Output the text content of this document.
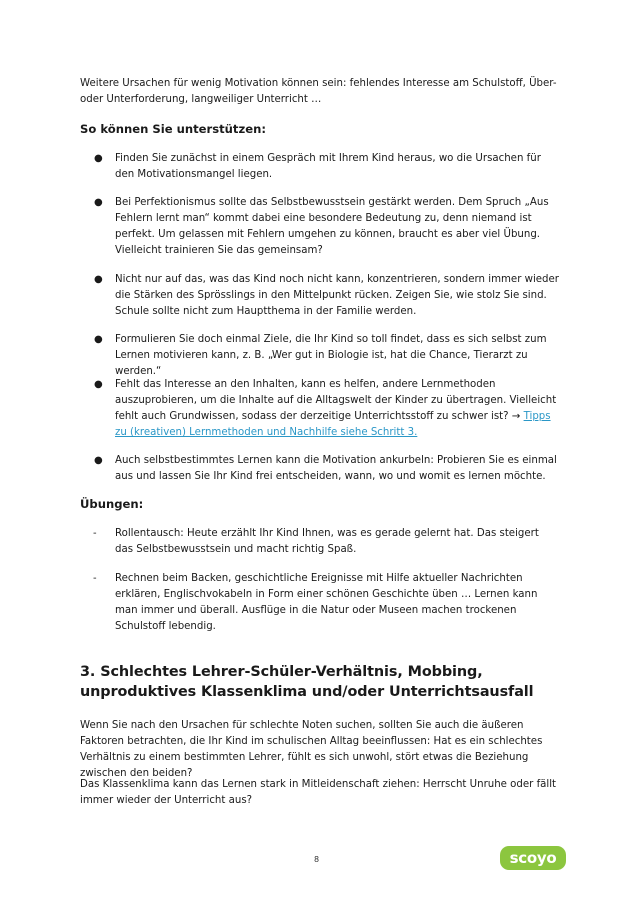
Weitere Ursachen für wenig Motivation können sein: fehlendes Interesse am Schulstoff, Über- oder Unterforderung, langweiliger Unterricht …

So können Sie unterstützen:
● Finden Sie zunächst in einem Gespräch mit Ihrem Kind heraus, wo die Ursachen für den Motivationsmangel liegen.
● Bei Perfektionismus sollte das Selbstbewusstsein gestärkt werden. Dem Spruch „Aus Fehlern lernt man“ kommt dabei eine besondere Bedeutung zu, denn niemand ist perfekt. Um gelassen mit Fehlern umgehen zu können, braucht es aber viel Übung. Vielleicht trainieren Sie das gemeinsam?
● Nicht nur auf das, was das Kind noch nicht kann, konzentrieren, sondern immer wieder die Stärken des Sprösslings in den Mittelpunkt rücken. Zeigen Sie, wie stolz Sie sind. Schule sollte nicht zum Hauptthema in der Familie werden.
● Formulieren Sie doch einmal Ziele, die Ihr Kind so toll findet, dass es sich selbst zum Lernen motivieren kann, z. B. „Wer gut in Biologie ist, hat die Chance, Tierarzt zu werden.“
● Fehlt das Interesse an den Inhalten, kann es helfen, andere Lernmethoden auszuprobieren, um die Inhalte auf die Alltagswelt der Kinder zu übertragen. Vielleicht fehlt auch Grundwissen, sodass der derzeitige Unterrichtsstoff zu schwer ist? → Tipps zu (kreativen) Lernmethoden und Nachhilfe siehe Schritt 3.
● Auch selbstbestimmtes Lernen kann die Motivation ankurbeln: Probieren Sie es einmal aus und lassen Sie Ihr Kind frei entscheiden, wann, wo und womit es lernen möchte.
Übungen:
- Rollentausch: Heute erzählt Ihr Kind Ihnen, was es gerade gelernt hat. Das steigert das Selbstbewusstsein und macht richtig Spaß.
- Rechnen beim Backen, geschichtliche Ereignisse mit Hilfe aktueller Nachrichten erklären, Englischvokabeln in Form einer schönen Geschichte üben … Lernen kann man immer und überall. Ausflüge in die Natur oder Museen machen trockenen Schulstoff lebendig.
3. Schlechtes Lehrer-Schüler-Verhältnis, Mobbing, unproduktives Klassenklima und/oder Unterrichtsausfall

Wenn Sie nach den Ursachen für schlechte Noten suchen, sollten Sie auch die äußeren Faktoren betrachten, die Ihr Kind im schulischen Alltag beeinflussen: Hat es ein schlechtes Verhältnis zu einem bestimmten Lehrer, fühlt es sich unwohl, stört etwas die Beziehung zwischen den beiden?

Das Klassenklima kann das Lernen stark in Mitleidenschaft ziehen: Herrscht Unruhe oder fällt immer wieder der Unterricht aus?

8	scoyo
